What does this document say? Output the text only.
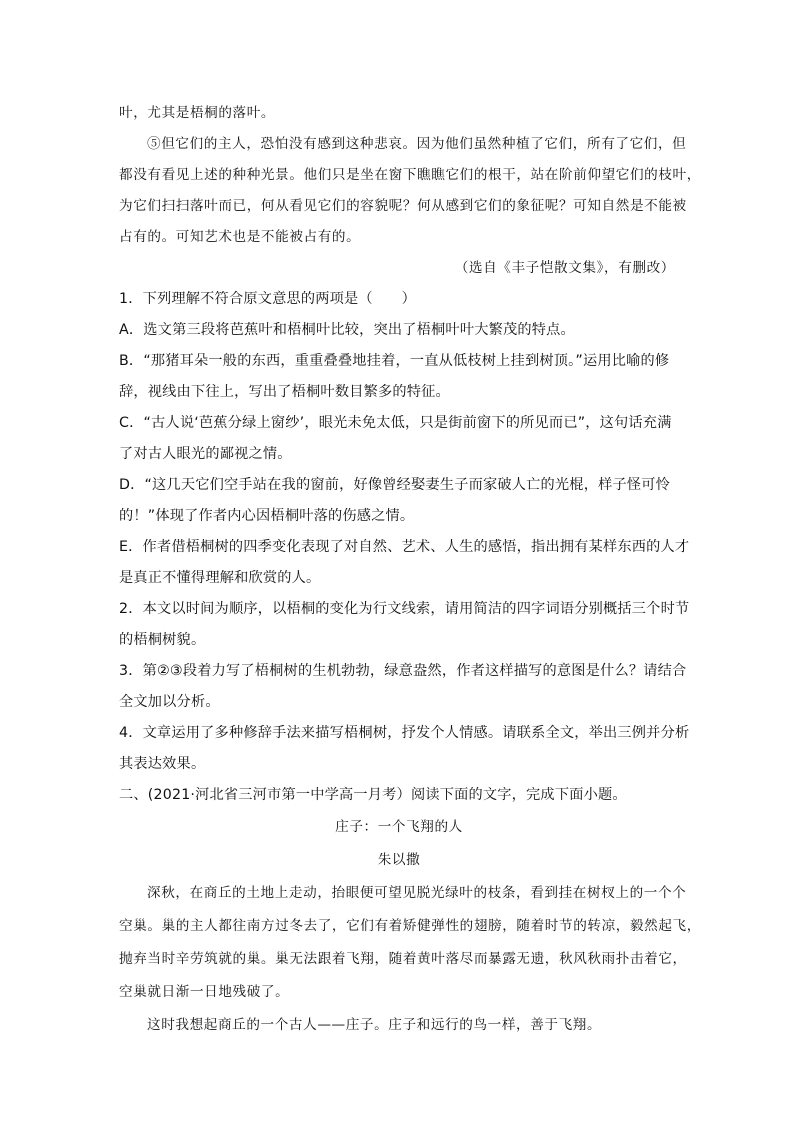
叶，尤其是梧桐的落叶。
⑤但它们的主人，恐怕没有感到这种悲哀。因为他们虽然种植了它们，所有了它们，但
都没有看见上述的种种光景。他们只是坐在窗下瞧瞧它们的根干，站在阶前仰望它们的枝叶，
为它们扫扫落叶而已，何从看见它们的容貌呢？何从感到它们的象征呢？可知自然是不能被
占有的。可知艺术也是不能被占有的。
（选自《丰子恺散文集》，有删改）
1．下列理解不符合原文意思的两项是（　　）
A．选文第三段将芭蕉叶和梧桐叶比较，突出了梧桐叶叶大繁茂的特点。
B．“那猪耳朵一般的东西，重重叠叠地挂着，一直从低枝树上挂到树顶。”运用比喻的修
辞，视线由下往上，写出了梧桐叶数目繁多的特征。
C．“古人说‘芭蕉分绿上窗纱’，眼光未免太低，只是街前窗下的所见而已”，这句话充满
了对古人眼光的鄙视之情。
D．“这几天它们空手站在我的窗前，好像曾经娶妻生子而家破人亡的光棍，样子怪可怜
的！”体现了作者内心因梧桐叶落的伤感之情。
E．作者借梧桐树的四季变化表现了对自然、艺术、人生的感悟，指出拥有某样东西的人才
是真正不懂得理解和欣赏的人。
2．本文以时间为顺序，以梧桐的变化为行文线索，请用简洁的四字词语分别概括三个时节
的梧桐树貌。
3．第②③段着力写了梧桐树的生机勃勃，绿意盎然，作者这样描写的意图是什么？请结合
全文加以分析。
4．文章运用了多种修辞手法来描写梧桐树，抒发个人情感。请联系全文，举出三例并分析
其表达效果。
二、(2021·河北省三河市第一中学高一月考）阅读下面的文字，完成下面小题。
庄子：一个飞翔的人
朱以撒
深秋，在商丘的土地上走动，抬眼便可望见脱光绿叶的枝条，看到挂在树杈上的一个个
空巢。巢的主人都往南方过冬去了，它们有着矫健弹性的翅膀，随着时节的转凉，毅然起飞，
抛弃当时辛劳筑就的巢。巢无法跟着飞翔，随着黄叶落尽而暴露无遗，秋风秋雨扑击着它，
空巢就日渐一日地残破了。
这时我想起商丘的一个古人——庄子。庄子和远行的鸟一样，善于飞翔。
